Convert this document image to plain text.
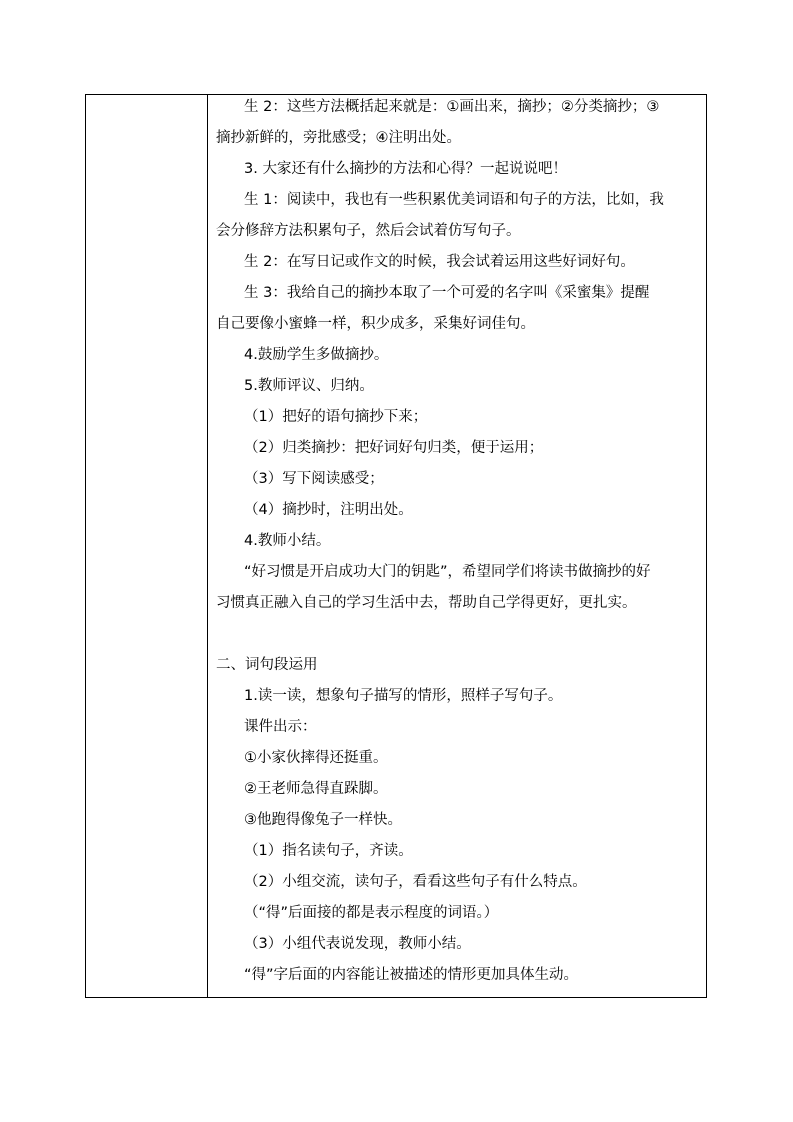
生 2：这些方法概括起来就是：①画出来，摘抄；②分类摘抄；③
摘抄新鲜的，旁批感受；④注明出处。
3. 大家还有什么摘抄的方法和心得？一起说说吧！
生 1：阅读中，我也有一些积累优美词语和句子的方法，比如，我
会分修辞方法积累句子，然后会试着仿写句子。
生 2：在写日记或作文的时候，我会试着运用这些好词好句。
生 3：我给自己的摘抄本取了一个可爱的名字叫《采蜜集》提醒
自己要像小蜜蜂一样，积少成多，采集好词佳句。
4.鼓励学生多做摘抄。
5.教师评议、归纳。
（1）把好的语句摘抄下来；
（2）归类摘抄：把好词好句归类，便于运用；
（3）写下阅读感受；
（4）摘抄时，注明出处。
4.教师小结。
“好习惯是开启成功大门的钥匙”，希望同学们将读书做摘抄的好
习惯真正融入自己的学习生活中去，帮助自己学得更好，更扎实。
二、词句段运用
1.读一读，想象句子描写的情形，照样子写句子。
课件出示：
①小家伙摔得还挺重。
②王老师急得直跺脚。
③他跑得像兔子一样快。
（1）指名读句子，齐读。
（2）小组交流，读句子，看看这些句子有什么特点。
（“得”后面接的都是表示程度的词语。）
（3）小组代表说发现，教师小结。
“得”字后面的内容能让被描述的情形更加具体生动。
